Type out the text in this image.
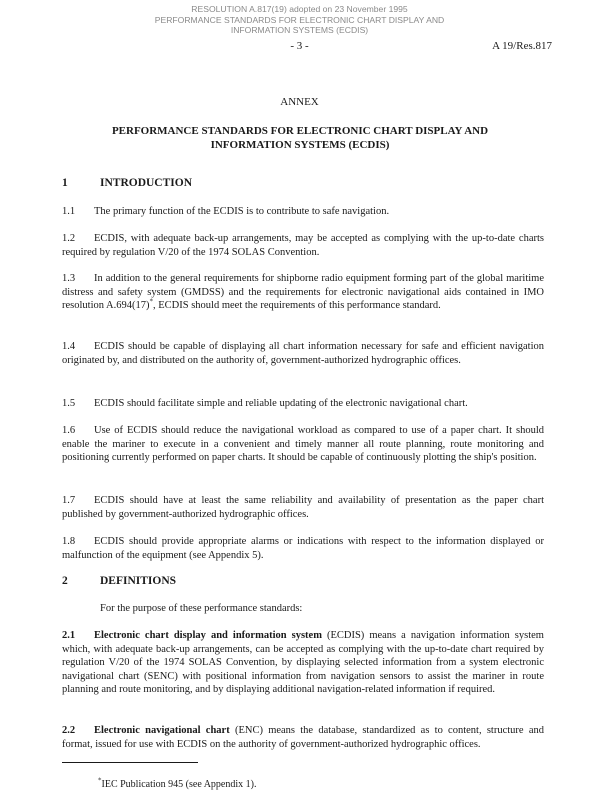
RESOLUTION A.817(19) adopted on 23 November 1995
PERFORMANCE STANDARDS FOR ELECTRONIC CHART DISPLAY AND
INFORMATION SYSTEMS (ECDIS)
- 3 -	A 19/Res.817
ANNEX
PERFORMANCE STANDARDS FOR ELECTRONIC CHART DISPLAY AND
INFORMATION SYSTEMS (ECDIS)
1	INTRODUCTION
1.1 The primary function of the ECDIS is to contribute to safe navigation.
1.2 ECDIS, with adequate back-up arrangements, may be accepted as complying with the up-to-date charts required by regulation V/20 of the 1974 SOLAS Convention.
1.3 In addition to the general requirements for shipborne radio equipment forming part of the global maritime distress and safety system (GMDSS) and the requirements for electronic navigational aids contained in IMO resolution A.694(17)*, ECDIS should meet the requirements of this performance standard.
1.4 ECDIS should be capable of displaying all chart information necessary for safe and efficient navigation originated by, and distributed on the authority of, government-authorized hydrographic offices.
1.5 ECDIS should facilitate simple and reliable updating of the electronic navigational chart.
1.6 Use of ECDIS should reduce the navigational workload as compared to use of a paper chart. It should enable the mariner to execute in a convenient and timely manner all route planning, route monitoring and positioning currently performed on paper charts. It should be capable of continuously plotting the ship's position.
1.7 ECDIS should have at least the same reliability and availability of presentation as the paper chart published by government-authorized hydrographic offices.
1.8 ECDIS should provide appropriate alarms or indications with respect to the information displayed or malfunction of the equipment (see Appendix 5).
2	DEFINITIONS
For the purpose of these performance standards:
2.1 Electronic chart display and information system (ECDIS) means a navigation information system which, with adequate back-up arrangements, can be accepted as complying with the up-to-date chart required by regulation V/20 of the 1974 SOLAS Convention, by displaying selected information from a system electronic navigational chart (SENC) with positional information from navigation sensors to assist the mariner in route planning and route monitoring, and by displaying additional navigation-related information if required.
2.2 Electronic navigational chart (ENC) means the database, standardized as to content, structure and format, issued for use with ECDIS on the authority of government-authorized hydrographic offices.
*IEC Publication 945 (see Appendix 1).
